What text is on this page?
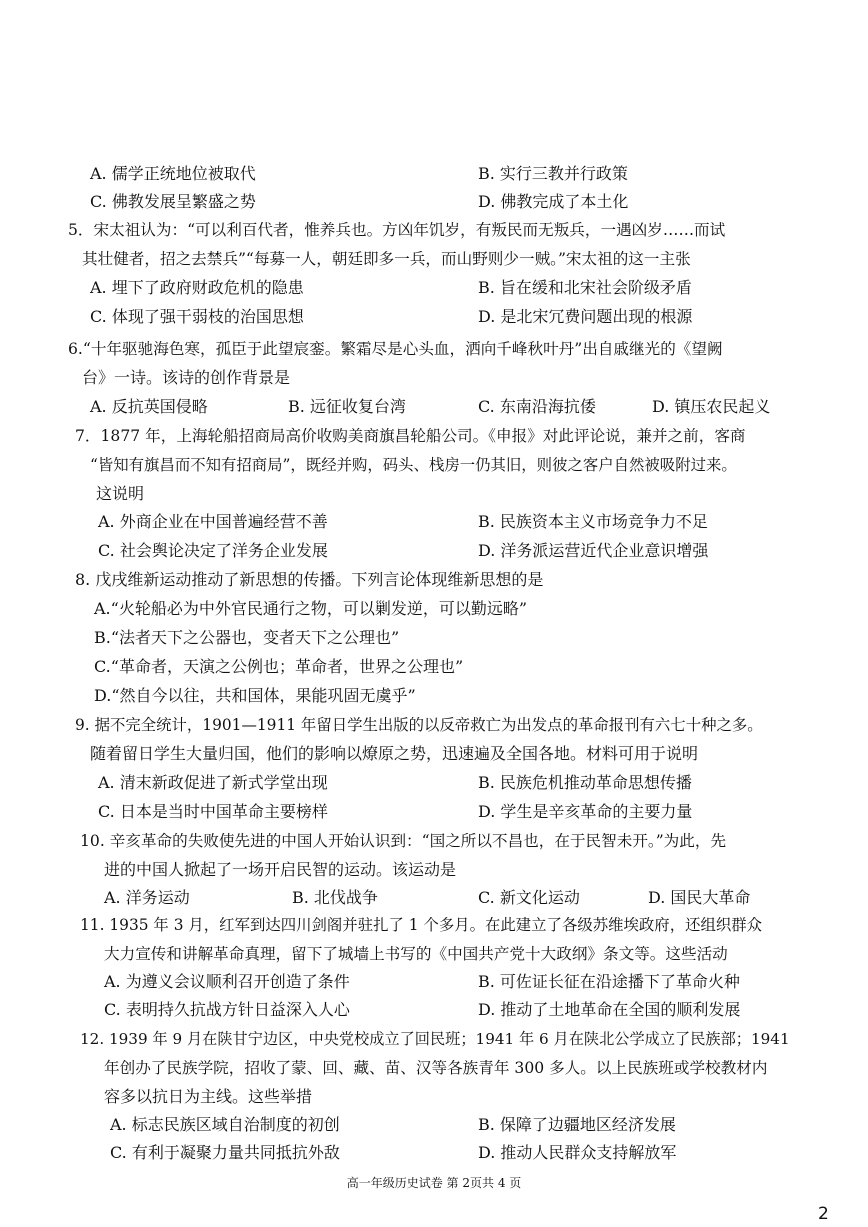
A. 儒学正统地位被取代	B. 实行三教并行政策
C. 佛教发展呈繁盛之势	D. 佛教完成了本土化
5．宋太祖认为：“可以利百代者，惟养兵也。方凶年饥岁，有叛民而无叛兵，一遇凶岁……而试
其壮健者，招之去禁兵”“每募一人，朝廷即多一兵，而山野则少一贼。”宋太祖的这一主张
A. 埋下了政府财政危机的隐患	B. 旨在缓和北宋社会阶级矛盾
C. 体现了强干弱枝的治国思想	D. 是北宋冗费问题出现的根源
6.“十年驱驰海色寒，孤臣于此望宸銮。繁霜尽是心头血，洒向千峰秋叶丹”出自戚继光的《望阙
台》一诗。该诗的创作背景是
A. 反抗英国侵略	B. 远征收复台湾	C. 东南沿海抗倭	D. 镇压农民起义
7．1877 年，上海轮船招商局高价收购美商旗昌轮船公司。《申报》对此评论说，兼并之前，客商
“皆知有旗昌而不知有招商局”，既经并购，码头、栈房一仍其旧，则彼之客户自然被吸附过来。
这说明
A. 外商企业在中国普遍经营不善	B. 民族资本主义市场竞争力不足
C. 社会舆论决定了洋务企业发展	D. 洋务派运营近代企业意识增强
8. 戊戌维新运动推动了新思想的传播。下列言论体现维新思想的是
A.“火轮船必为中外官民通行之物，可以剿发逆，可以勤远略”
B.“法者天下之公器也，变者天下之公理也”
C.“革命者，天演之公例也；革命者，世界之公理也”
D.“然自今以往，共和国体，果能巩固无虞乎”
9. 据不完全统计，1901—1911 年留日学生出版的以反帝救亡为出发点的革命报刊有六七十种之多。
随着留日学生大量归国，他们的影响以燎原之势，迅速遍及全国各地。材料可用于说明
A. 清末新政促进了新式学堂出现	B. 民族危机推动革命思想传播
C. 日本是当时中国革命主要榜样	D. 学生是辛亥革命的主要力量
10. 辛亥革命的失败使先进的中国人开始认识到：“国之所以不昌也，在于民智未开。”为此，先
进的中国人掀起了一场开启民智的运动。该运动是
A. 洋务运动	B. 北伐战争	C. 新文化运动	D. 国民大革命
11. 1935 年 3 月，红军到达四川剑阁并驻扎了 1 个多月。在此建立了各级苏维埃政府，还组织群众
大力宣传和讲解革命真理，留下了城墙上书写的《中国共产党十大政纲》条文等。这些活动
A. 为遵义会议顺利召开创造了条件	B. 可佐证长征在沿途播下了革命火种
C. 表明持久抗战方针日益深入人心	D. 推动了土地革命在全国的顺利发展
12. 1939 年 9 月在陕甘宁边区，中央党校成立了回民班；1941 年 6 月在陕北公学成立了民族部；1941
年创办了民族学院，招收了蒙、回、藏、苗、汉等各族青年 300 多人。以上民族班或学校教材内
容多以抗日为主线。这些举措
A. 标志民族区域自治制度的初创	B. 保障了边疆地区经济发展
C. 有利于凝聚力量共同抵抗外敌	D. 推动人民群众支持解放军
高一年级历史试卷 第 2页共 4 页
2
